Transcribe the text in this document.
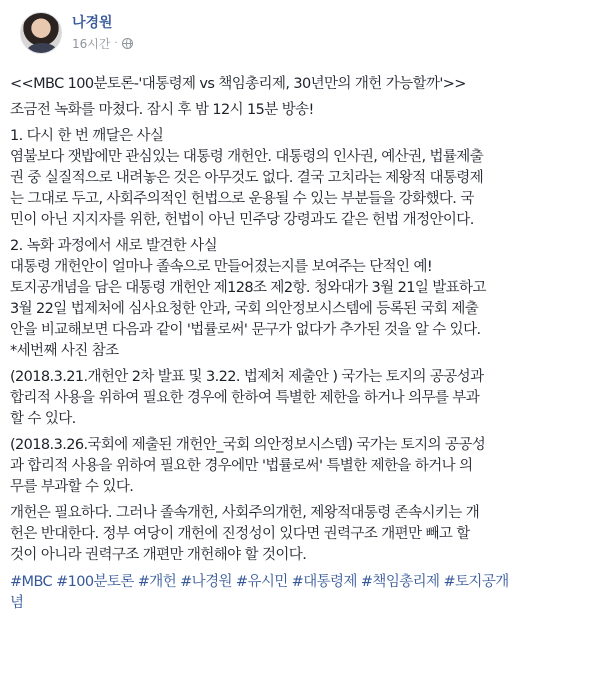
나경원
16시간 ·
<<MBC 100분토론-'대통령제 vs 책임총리제, 30년만의 개헌 가능할까'>>
조금전 녹화를 마쳤다. 잠시 후 밤 12시 15분 방송!
1. 다시 한 번 깨달은 사실
염불보다 잿밥에만 관심있는 대통령 개헌안. 대통령의 인사권, 예산권, 법률제출
권 중 실질적으로 내려놓은 것은 아무것도 없다. 결국 고치라는 제왕적 대통령제
는 그대로 두고, 사회주의적인 헌법으로 운용될 수 있는 부분들을 강화했다. 국
민이 아닌 지지자를 위한, 헌법이 아닌 민주당 강령과도 같은 헌법 개정안이다.
2. 녹화 과정에서 새로 발견한 사실
대통령 개헌안이 얼마나 졸속으로 만들어졌는지를 보여주는 단적인 예!
토지공개념을 담은 대통령 개헌안 제128조 제2항. 청와대가 3월 21일 발표하고
3월 22일 법제처에 심사요청한 안과, 국회 의안정보시스템에 등록된 국회 제출
안을 비교해보면 다음과 같이 '법률로써' 문구가 없다가 추가된 것을 알 수 있다.
*세번째 사진 참조
(2018.3.21.개헌안 2차 발표 및 3.22. 법제처 제출안 ) 국가는 토지의 공공성과
합리적 사용을 위하여 필요한 경우에 한하여 특별한 제한을 하거나 의무를 부과
할 수 있다.
(2018.3.26.국회에 제출된 개헌안_국회 의안정보시스템) 국가는 토지의 공공성
과 합리적 사용을 위하여 필요한 경우에만 '법률로써' 특별한 제한을 하거나 의
무를 부과할 수 있다.
개헌은 필요하다. 그러나 졸속개헌, 사회주의개헌, 제왕적대통령 존속시키는 개
헌은 반대한다. 정부 여당이 개헌에 진정성이 있다면 권력구조 개편만 빼고 할
것이 아니라 권력구조 개편만 개헌해야 할 것이다.
#MBC #100분토론 #개헌 #나경원 #유시민 #대통령제 #책임총리제 #토지공개
념
